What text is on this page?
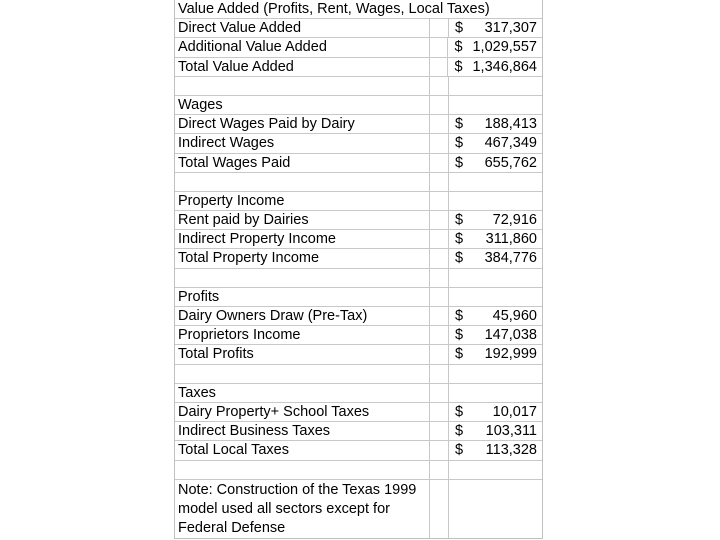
Value Added (Profits, Rent, Wages, Local Taxes)
Direct Value Added	$	317,307
Additional Value Added	$ 1,029,557
Total Value Added	$ 1,346,864
Wages
Direct Wages Paid by Dairy	$	188,413
Indirect Wages	$	467,349
Total Wages Paid	$	655,762
Property Income
Rent paid by Dairies	$	72,916
Indirect Property Income	$	311,860
Total Property Income	$	384,776
Profits
Dairy Owners Draw (Pre-Tax)	$	45,960
Proprietors Income	$	147,038
Total Profits	$	192,999
Taxes
Dairy Property+ School Taxes	$	10,017
Indirect Business Taxes	$	103,311
Total Local Taxes	$	113,328
Note: Construction of the Texas 1999 model used all sectors except for Federal Defense
